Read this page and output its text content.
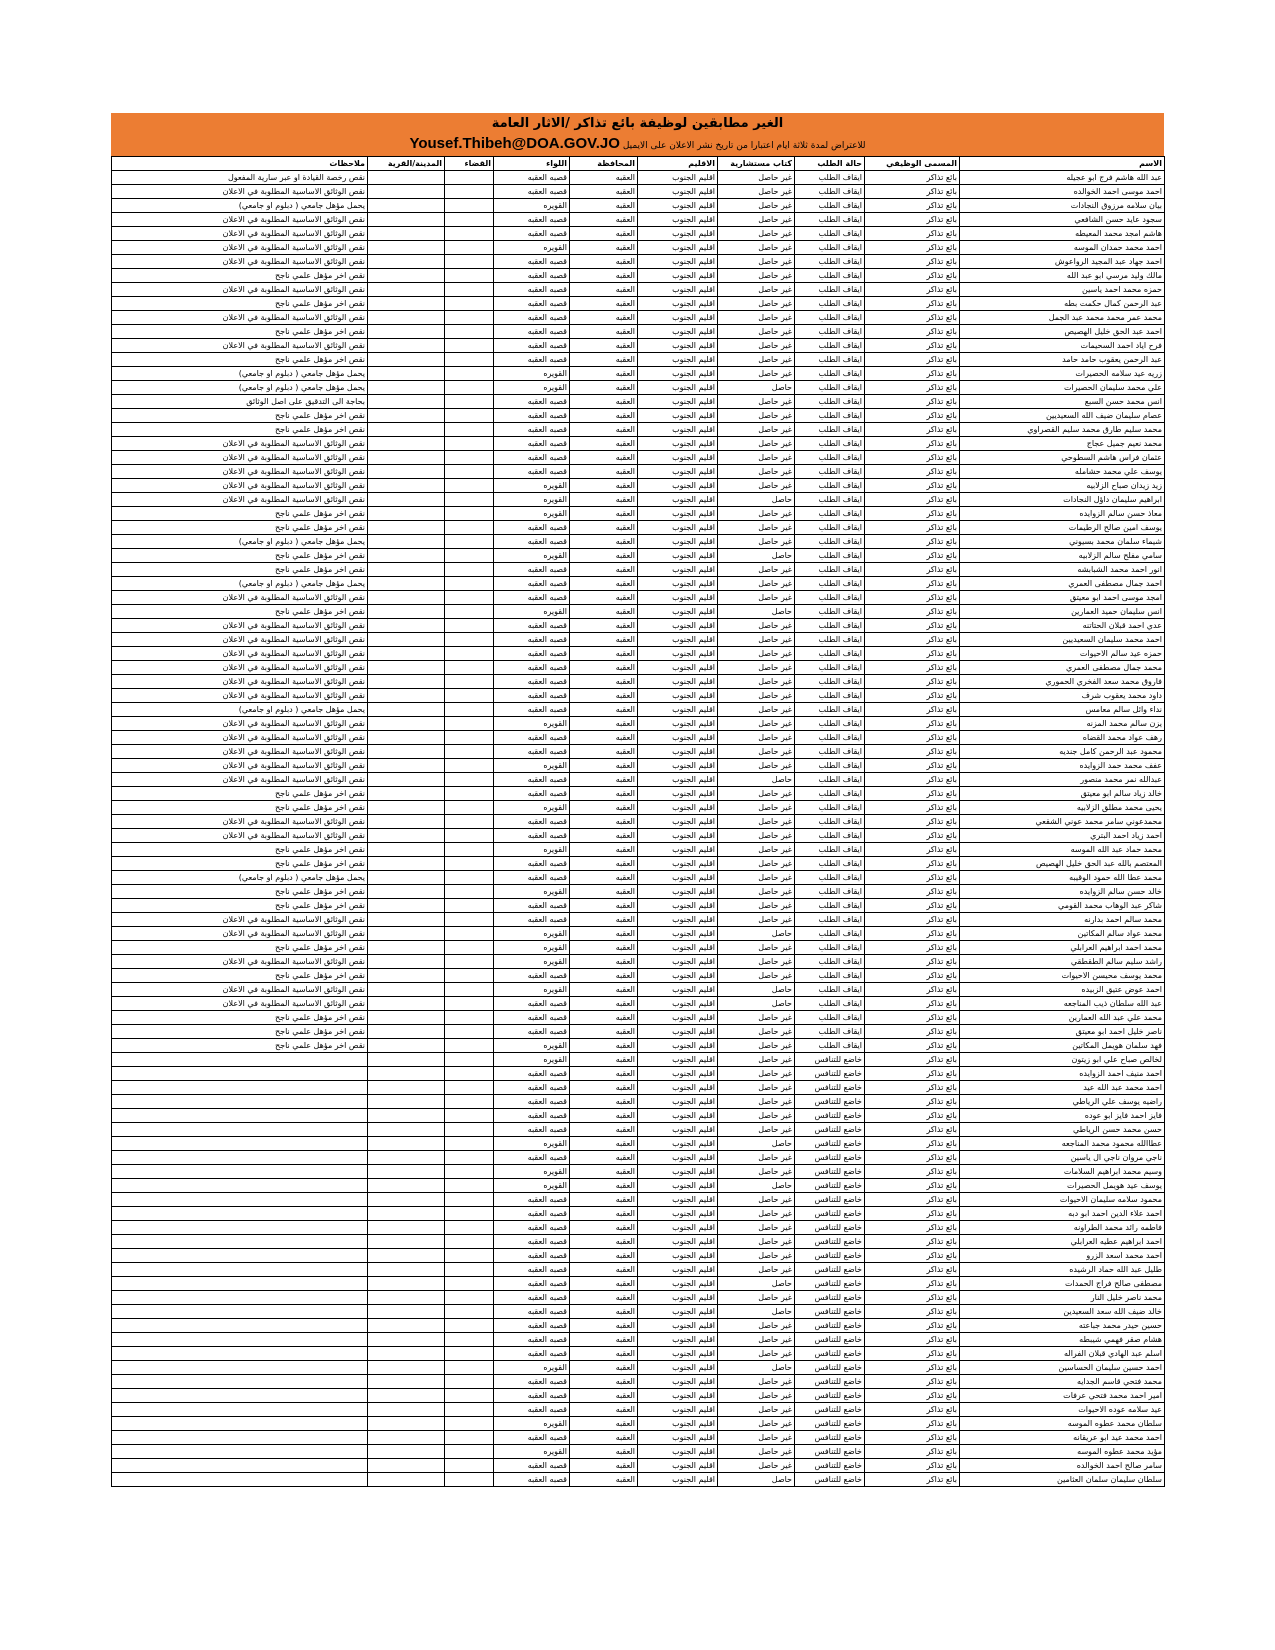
الغير مطابقين لوظيفة بائع تذاكر /الاثار العامة
للاعتراض لمدة ثلاثة ايام اعتبارا من تاريخ نشر الاعلان على الايميل Yousef.Thibeh@DOA.GOV.JO
الاسم	المسمى الوظيفي	حالة الطلب	كتاب مستشارية	الاقليم	المحافظة	اللواء	القضاء	المدينة/القرية	ملاحظات
عبد الله هاشم فرج ابو عجيله	بائع تذاكر	ايقاف الطلب	غير حاصل	اقليم الجنوب	العقبه	قصبه العقبه			نقص رخصة القيادة او عبر سارية المفعول
احمد موسى احمد الخوالده	بائع تذاكر	ايقاف الطلب	غير حاصل	اقليم الجنوب	العقبه	قصبه العقبه			نقص الوثائق الاساسية المطلوبة في الاعلان
بيان سلامه مرزوق النجادات	بائع تذاكر	ايقاف الطلب	غير حاصل	اقليم الجنوب	العقبه	القويره			يحمل مؤهل جامعي ( دبلوم او جامعي)
سجود عايد حسن الشافعي	بائع تذاكر	ايقاف الطلب	غير حاصل	اقليم الجنوب	العقبه	قصبه العقبه			نقص الوثائق الاساسية المطلوبة في الاعلان
هاشم امجد محمد المعيطه	بائع تذاكر	ايقاف الطلب	غير حاصل	اقليم الجنوب	العقبه	قصبه العقبه			نقص الوثائق الاساسية المطلوبة في الاعلان
احمد محمد حمدان الموسه	بائع تذاكر	ايقاف الطلب	غير حاصل	اقليم الجنوب	العقبه	القويره			نقص الوثائق الاساسية المطلوبة في الاعلان
احمد جهاد عبد المجيد الرواعوش	بائع تذاكر	ايقاف الطلب	غير حاصل	اقليم الجنوب	العقبه	قصبه العقبه			نقص الوثائق الاساسية المطلوبة في الاعلان
مالك وليد مرسي ابو عبد الله	بائع تذاكر	ايقاف الطلب	غير حاصل	اقليم الجنوب	العقبه	قصبه العقبه			نقص اخر مؤهل علمي ناجح
حمزه محمد احمد ياسين	بائع تذاكر	ايقاف الطلب	غير حاصل	اقليم الجنوب	العقبه	قصبه العقبه			نقص الوثائق الاساسية المطلوبة في الاعلان
عبد الرحمن كمال حكمت بطه	بائع تذاكر	ايقاف الطلب	غير حاصل	اقليم الجنوب	العقبه	قصبه العقبه			نقص اخر مؤهل علمي ناجح
محمد عمر محمد محمد عبد الجمل	بائع تذاكر	ايقاف الطلب	غير حاصل	اقليم الجنوب	العقبه	قصبه العقبه			نقص الوثائق الاساسية المطلوبة في الاعلان
احمد عبد الحق خليل الهصيص	بائع تذاكر	ايقاف الطلب	غير حاصل	اقليم الجنوب	العقبه	قصبه العقبه			نقص اخر مؤهل علمي ناجح
فرح اياد احمد السحيمات	بائع تذاكر	ايقاف الطلب	غير حاصل	اقليم الجنوب	العقبه	قصبه العقبه			نقص الوثائق الاساسية المطلوبة في الاعلان
عبد الرحمن يعقوب حامد حامد	بائع تذاكر	ايقاف الطلب	غير حاصل	اقليم الجنوب	العقبه	قصبه العقبه			نقص اخر مؤهل علمي ناجح
زريه عيد سلامه الحصيرات	بائع تذاكر	ايقاف الطلب	غير حاصل	اقليم الجنوب	العقبه	القويره			يحمل مؤهل جامعي ( دبلوم او جامعي)
علي محمد سليمان الحصيرات	بائع تذاكر	ايقاف الطلب	حاصل	اقليم الجنوب	العقبه	القويره			يحمل مؤهل جامعي ( دبلوم او جامعي)
انس محمد حسن السبع	بائع تذاكر	ايقاف الطلب	غير حاصل	اقليم الجنوب	العقبه	قصبه العقبه			بحاجة الى التدقيق على اصل الوثائق
عصام سليمان ضيف الله السعيديين	بائع تذاكر	ايقاف الطلب	غير حاصل	اقليم الجنوب	العقبه	قصبه العقبه			نقص اخر مؤهل علمي ناجح
محمد سليم طارق محمد سليم القصراوي	بائع تذاكر	ايقاف الطلب	غير حاصل	اقليم الجنوب	العقبه	قصبه العقبه			نقص اخر مؤهل علمي ناجح
محمد نعيم جميل عجاج	بائع تذاكر	ايقاف الطلب	غير حاصل	اقليم الجنوب	العقبه	قصبه العقبه			نقص الوثائق الاساسية المطلوبة في الاعلان
عثمان فراس هاشم السطوحي	بائع تذاكر	ايقاف الطلب	غير حاصل	اقليم الجنوب	العقبه	قصبه العقبه			نقص الوثائق الاساسية المطلوبة في الاعلان
يوسف علي محمد حشامله	بائع تذاكر	ايقاف الطلب	غير حاصل	اقليم الجنوب	العقبه	قصبه العقبه			نقص الوثائق الاساسية المطلوبة في الاعلان
زيد زيدان صباح الزلابيه	بائع تذاكر	ايقاف الطلب	غير حاصل	اقليم الجنوب	العقبه	القويره			نقص الوثائق الاساسية المطلوبة في الاعلان
ابراهيم سليمان داؤل النجادات	بائع تذاكر	ايقاف الطلب	حاصل	اقليم الجنوب	العقبه	القويره			نقص الوثائق الاساسية المطلوبة في الاعلان
معاذ حسن سالم الزوايده	بائع تذاكر	ايقاف الطلب	غير حاصل	اقليم الجنوب	العقبه	القويره			نقص اخر مؤهل علمي ناجح
يوسف امين صالح الرطيمات	بائع تذاكر	ايقاف الطلب	غير حاصل	اقليم الجنوب	العقبه	قصبه العقبه			نقص اخر مؤهل علمي ناجح
شيماء سلمان محمد بسيوني	بائع تذاكر	ايقاف الطلب	غير حاصل	اقليم الجنوب	العقبه	قصبه العقبه			يحمل مؤهل جامعي ( دبلوم او جامعي)
سامي مفلح سالم الزلابيه	بائع تذاكر	ايقاف الطلب	حاصل	اقليم الجنوب	العقبه	القويره			نقص اخر مؤهل علمي ناجح
انور احمد محمد الشبابشه	بائع تذاكر	ايقاف الطلب	غير حاصل	اقليم الجنوب	العقبه	قصبه العقبه			نقص اخر مؤهل علمي ناجح
احمد جمال مصطفى العمري	بائع تذاكر	ايقاف الطلب	غير حاصل	اقليم الجنوب	العقبه	قصبه العقبه			يحمل مؤهل جامعي ( دبلوم او جامعي)
امجد موسى احمد ابو معيتق	بائع تذاكر	ايقاف الطلب	غير حاصل	اقليم الجنوب	العقبه	قصبه العقبه			نقص الوثائق الاساسية المطلوبة في الاعلان
انس سليمان حميد العمارين	بائع تذاكر	ايقاف الطلب	حاصل	اقليم الجنوب	العقبه	القويره			نقص اخر مؤهل علمي ناجح
عدي احمد قبلان الحتاتنه	بائع تذاكر	ايقاف الطلب	غير حاصل	اقليم الجنوب	العقبه	قصبه العقبه			نقص الوثائق الاساسية المطلوبة في الاعلان
احمد محمد سليمان السعيديين	بائع تذاكر	ايقاف الطلب	غير حاصل	اقليم الجنوب	العقبه	قصبه العقبه			نقص الوثائق الاساسية المطلوبة في الاعلان
حمزه عيد سالم الاحيوات	بائع تذاكر	ايقاف الطلب	غير حاصل	اقليم الجنوب	العقبه	قصبه العقبه			نقص الوثائق الاساسية المطلوبة في الاعلان
محمد جمال مصطفى العمري	بائع تذاكر	ايقاف الطلب	غير حاصل	اقليم الجنوب	العقبه	قصبه العقبه			نقص الوثائق الاساسية المطلوبة في الاعلان
فاروق محمد سعد الفخري الحموري	بائع تذاكر	ايقاف الطلب	غير حاصل	اقليم الجنوب	العقبه	قصبه العقبه			نقص الوثائق الاساسية المطلوبة في الاعلان
داود محمد يعقوب شرف	بائع تذاكر	ايقاف الطلب	غير حاصل	اقليم الجنوب	العقبه	قصبه العقبه			نقص الوثائق الاساسية المطلوبة في الاعلان
نداء وائل سالم معامس	بائع تذاكر	ايقاف الطلب	غير حاصل	اقليم الجنوب	العقبه	قصبه العقبه			يحمل مؤهل جامعي ( دبلوم او جامعي)
يزن سالم محمد المزنه	بائع تذاكر	ايقاف الطلب	غير حاصل	اقليم الجنوب	العقبه	القويره			نقص الوثائق الاساسية المطلوبة في الاعلان
رهف عواد محمد القضاه	بائع تذاكر	ايقاف الطلب	غير حاصل	اقليم الجنوب	العقبه	قصبه العقبه			نقص الوثائق الاساسية المطلوبة في الاعلان
محمود عبد الرحمن كامل جنديه	بائع تذاكر	ايقاف الطلب	غير حاصل	اقليم الجنوب	العقبه	قصبه العقبه			نقص الوثائق الاساسية المطلوبة في الاعلان
عفف محمد حمد الزوايده	بائع تذاكر	ايقاف الطلب	غير حاصل	اقليم الجنوب	العقبه	القويره			نقص الوثائق الاساسية المطلوبة في الاعلان
عبدالله نمر محمد منصور	بائع تذاكر	ايقاف الطلب	حاصل	اقليم الجنوب	العقبه	قصبه العقبه			نقص الوثائق الاساسية المطلوبة في الاعلان
خالد زياد سالم ابو معيتق	بائع تذاكر	ايقاف الطلب	غير حاصل	اقليم الجنوب	العقبه	قصبه العقبه			نقص اخر مؤهل علمي ناجح
يحيى محمد مطلق الزلابيه	بائع تذاكر	ايقاف الطلب	غير حاصل	اقليم الجنوب	العقبه	القويره			نقص اخر مؤهل علمي ناجح
محمدعوني سامر محمد عوني الشقعي	بائع تذاكر	ايقاف الطلب	غير حاصل	اقليم الجنوب	العقبه	قصبه العقبه			نقص الوثائق الاساسية المطلوبة في الاعلان
احمد زياد احمد البتري	بائع تذاكر	ايقاف الطلب	غير حاصل	اقليم الجنوب	العقبه	قصبه العقبه			نقص الوثائق الاساسية المطلوبة في الاعلان
محمد حماد عبد الله الموسه	بائع تذاكر	ايقاف الطلب	غير حاصل	اقليم الجنوب	العقبه	القويره			نقص اخر مؤهل علمي ناجح
المعتصم بالله عبد الحق خليل الهصيص	بائع تذاكر	ايقاف الطلب	غير حاصل	اقليم الجنوب	العقبه	قصبه العقبه			نقص اخر مؤهل علمي ناجح
محمد عطا الله حمود الوقيبه	بائع تذاكر	ايقاف الطلب	غير حاصل	اقليم الجنوب	العقبه	قصبه العقبه			يحمل مؤهل جامعي ( دبلوم او جامعي)
خالد حسن سالم الزوايده	بائع تذاكر	ايقاف الطلب	غير حاصل	اقليم الجنوب	العقبه	القويره			نقص اخر مؤهل علمي ناجح
شاكر عبد الوهاب محمد القومي	بائع تذاكر	ايقاف الطلب	غير حاصل	اقليم الجنوب	العقبه	قصبه العقبه			نقص اخر مؤهل علمي ناجح
محمد سالم احمد بدارنه	بائع تذاكر	ايقاف الطلب	غير حاصل	اقليم الجنوب	العقبه	قصبه العقبه			نقص الوثائق الاساسية المطلوبة في الاعلان
محمد عواد سالم المكاتين	بائع تذاكر	ايقاف الطلب	حاصل	اقليم الجنوب	العقبه	القويره			نقص الوثائق الاساسية المطلوبة في الاعلان
محمد احمد ابراهيم العرابلي	بائع تذاكر	ايقاف الطلب	غير حاصل	اقليم الجنوب	العقبه	القويره			نقص اخر مؤهل علمي ناجح
راشد سليم سالم الطقطقي	بائع تذاكر	ايقاف الطلب	غير حاصل	اقليم الجنوب	العقبه	القويره			نقص الوثائق الاساسية المطلوبة في الاعلان
محمد يوسف محيسن الاحيوات	بائع تذاكر	ايقاف الطلب	غير حاصل	اقليم الجنوب	العقبه	قصبه العقبه			نقص اخر مؤهل علمي ناجح
احمد عوض عتيق الزبيده	بائع تذاكر	ايقاف الطلب	حاصل	اقليم الجنوب	العقبه	القويره			نقص الوثائق الاساسية المطلوبة في الاعلان
عبد الله سلطان ذيب المناجعه	بائع تذاكر	ايقاف الطلب	حاصل	اقليم الجنوب	العقبه	قصبه العقبه			نقص الوثائق الاساسية المطلوبة في الاعلان
محمد علي عبد الله العمارين	بائع تذاكر	ايقاف الطلب	غير حاصل	اقليم الجنوب	العقبه	قصبه العقبه			نقص اخر مؤهل علمي ناجح
ناصر خليل احمد ابو معيتق	بائع تذاكر	ايقاف الطلب	غير حاصل	اقليم الجنوب	العقبه	قصبه العقبه			نقص اخر مؤهل علمي ناجح
فهد سلمان هويمل المكاتين	بائع تذاكر	ايقاف الطلب	غير حاصل	اقليم الجنوب	العقبه	القويره			نقص اخر مؤهل علمي ناجح
لخالص صباح علي ابو زيتون	بائع تذاكر	خاضع للتنافس	غير حاصل	اقليم الجنوب	العقبه	القويره			
احمد منيف احمد الزوايده	بائع تذاكر	خاضع للتنافس	غير حاصل	اقليم الجنوب	العقبه	قصبه العقبه			
احمد محمد عبد الله عيد	بائع تذاكر	خاضع للتنافس	غير حاصل	اقليم الجنوب	العقبه	قصبه العقبه			
راضيه يوسف علي الرياطي	بائع تذاكر	خاضع للتنافس	غير حاصل	اقليم الجنوب	العقبه	قصبه العقبه			
فايز احمد فايز ابو عوده	بائع تذاكر	خاضع للتنافس	غير حاصل	اقليم الجنوب	العقبه	قصبه العقبه			
حسن محمد حسن الرياطي	بائع تذاكر	خاضع للتنافس	غير حاصل	اقليم الجنوب	العقبه	قصبه العقبه			
عطاالله محمود محمد المناجعه	بائع تذاكر	خاضع للتنافس	حاصل	اقليم الجنوب	العقبه	القويره			
ناجي مروان ناجي ال ياسين	بائع تذاكر	خاضع للتنافس	غير حاصل	اقليم الجنوب	العقبه	قصبه العقبه			
وسيم محمد ابراهيم السلامات	بائع تذاكر	خاضع للتنافس	غير حاصل	اقليم الجنوب	العقبه	القويره			
يوسف عيد هويمل الحصيرات	بائع تذاكر	خاضع للتنافس	حاصل	اقليم الجنوب	العقبه	القويره			
محمود سلامه سليمان الاحيوات	بائع تذاكر	خاضع للتنافس	غير حاصل	اقليم الجنوب	العقبه	قصبه العقبه			
احمد علاء الدين احمد ابو دبه	بائع تذاكر	خاضع للتنافس	غير حاصل	اقليم الجنوب	العقبه	قصبه العقبه			
فاطمه رائد محمد الطراونه	بائع تذاكر	خاضع للتنافس	غير حاصل	اقليم الجنوب	العقبه	قصبه العقبه			
احمد ابراهيم عطيه العرابلي	بائع تذاكر	خاضع للتنافس	غير حاصل	اقليم الجنوب	العقبه	قصبه العقبه			
احمد محمد اسعد الزرو	بائع تذاكر	خاضع للتنافس	غير حاصل	اقليم الجنوب	العقبه	قصبه العقبه			
طليل عبد الله حماد الرشيده	بائع تذاكر	خاضع للتنافس	غير حاصل	اقليم الجنوب	العقبه	قصبه العقبه			
مصطفى صالح فراج الحمدات	بائع تذاكر	خاضع للتنافس	حاصل	اقليم الجنوب	العقبه	قصبه العقبه			
محمد ناصر خليل النار	بائع تذاكر	خاضع للتنافس	غير حاصل	اقليم الجنوب	العقبه	قصبه العقبه			
خالد ضيف الله سعد السعيدين	بائع تذاكر	خاضع للتنافس	حاصل	اقليم الجنوب	العقبه	قصبه العقبه			
حسين حيدر محمد جباعته	بائع تذاكر	خاضع للتنافس	غير حاصل	اقليم الجنوب	العقبه	قصبه العقبه			
هشام صقر فهمي شيبطه	بائع تذاكر	خاضع للتنافس	غير حاصل	اقليم الجنوب	العقبه	قصبه العقبه			
اسلم عبد الهادي قبلان الفراله	بائع تذاكر	خاضع للتنافس	غير حاصل	اقليم الجنوب	العقبه	قصبه العقبه			
احمد حسين سليمان الحساسين	بائع تذاكر	خاضع للتنافس	حاصل	اقليم الجنوب	العقبه	القويره			
محمد فتحي قاسم الجدايه	بائع تذاكر	خاضع للتنافس	غير حاصل	اقليم الجنوب	العقبه	قصبه العقبه			
امير احمد محمد فتحي عرفات	بائع تذاكر	خاضع للتنافس	غير حاصل	اقليم الجنوب	العقبه	قصبه العقبه			
عيد سلامه عوده الاحيوات	بائع تذاكر	خاضع للتنافس	غير حاصل	اقليم الجنوب	العقبه	قصبه العقبه			
سلطان محمد عطوه الموسه	بائع تذاكر	خاضع للتنافس	غير حاصل	اقليم الجنوب	العقبه	القويره			
احمد محمد عيد ابو عريقانه	بائع تذاكر	خاضع للتنافس	غير حاصل	اقليم الجنوب	العقبه	قصبه العقبه			
مؤيد محمد عطوه الموسه	بائع تذاكر	خاضع للتنافس	غير حاصل	اقليم الجنوب	العقبه	القويره			
سامر صالح احمد الخوالده	بائع تذاكر	خاضع للتنافس	غير حاصل	اقليم الجنوب	العقبه	قصبه العقبه			
سلطان سليمان سلمان العثامين	بائع تذاكر	خاضع للتنافس	حاصل	اقليم الجنوب	العقبه	قصبه العقبه			
